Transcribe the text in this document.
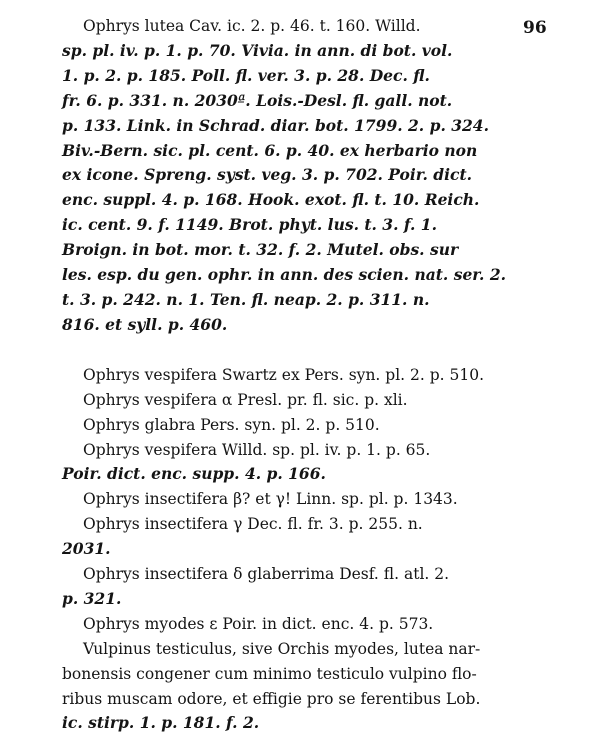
96
Ophrys lutea Cav. ic. 2. p. 46. t. 160. Willd.
sp. pl. iv. p. 1. p. 70. Vivia. in ann. di bot. vol.
1. p. 2. p. 185. Poll. fl. ver. 3. p. 28. Dec. fl.
fr. 6. p. 331. n. 2030ª. Lois.-Desl. fl. gall. not.
p. 133. Link. in Schrad. diar. bot. 1799. 2. p. 324.
Biv.-Bern. sic. pl. cent. 6. p. 40. ex herbario non
ex icone. Spreng. syst. veg. 3. p. 702. Poir. dict.
enc. suppl. 4. p. 168. Hook. exot. fl. t. 10. Reich.
ic. cent. 9. f. 1149. Brot. phyt. lus. t. 3. f. 1.
Broign. in bot. mor. t. 32. f. 2. Mutel. obs. sur
les. esp. du gen. ophr. in ann. des scien. nat. ser. 2.
t. 3. p. 242. n. 1. Ten. fl. neap. 2. p. 311. n.
816. et syll. p. 460.
Ophrys vespifera Swartz ex Pers. syn. pl. 2. p. 510.
Ophrys vespifera α Presl. pr. fl. sic. p. xli.
Ophrys glabra Pers. syn. pl. 2. p. 510.
Ophrys vespifera Willd. sp. pl. iv. p. 1. p. 65.
Poir. dict. enc. supp. 4. p. 166.
Ophrys insectifera β? et γ! Linn. sp. pl. p. 1343.
Ophrys insectifera γ Dec. fl. fr. 3. p. 255. n.
2031.
Ophrys insectifera δ glaberrima Desf. fl. atl. 2.
p. 321.
Ophrys myodes ε Poir. in dict. enc. 4. p. 573.
Vulpinus testiculus, sive Orchis myodes, lutea nar-
bonensis congener cum minimo testiculo vulpino flo-
ribus muscam odore, et effigie pro se ferentibus Lob.
ic. stirp. 1. p. 181. f. 2.
